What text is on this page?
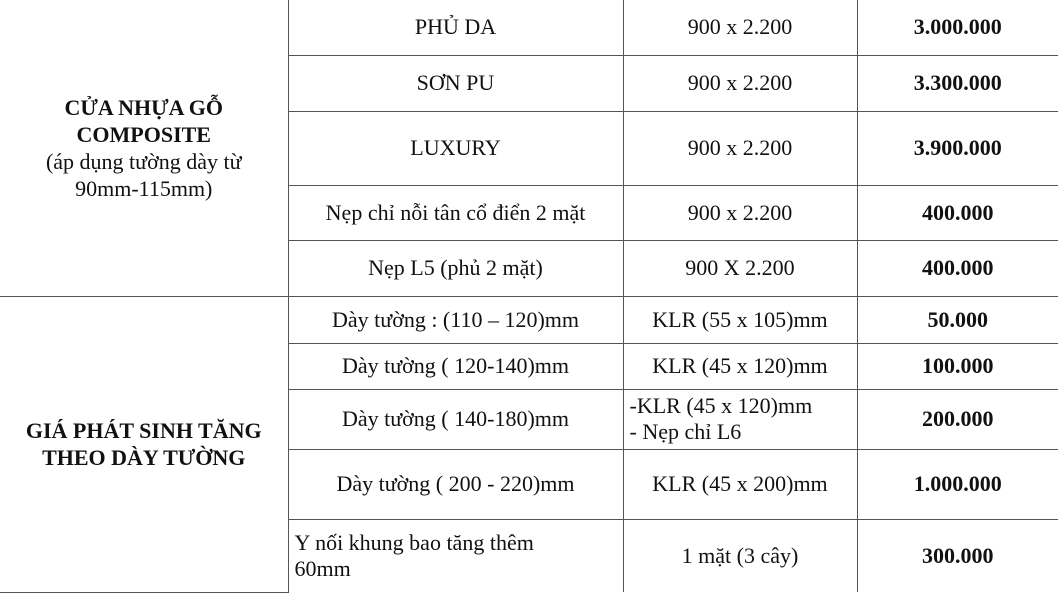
CỬA NHỰA GỖ
COMPOSITE
(áp dụng tường dày từ
90mm-115mm)	PHỦ DA	900 x 2.200	3.000.000
	SƠN PU	900 x 2.200	3.300.000
	LUXURY	900 x 2.200	3.900.000
	Nẹp chỉ nỗi tân cổ điển 2 mặt	900 x 2.200	400.000
	Nẹp L5 (phủ 2 mặt)	900 X 2.200	400.000

GIÁ PHÁT SINH TĂNG
THEO DÀY TƯỜNG	Dày tường : (110 – 120)mm	KLR (55 x 105)mm	50.000
	Dày tường ( 120-140)mm	KLR (45 x 120)mm	100.000
	Dày tường ( 140-180)mm	-KLR (45 x 120)mm
- Nẹp chỉ L6	200.000
	Dày tường ( 200 - 220)mm	KLR (45 x 200)mm	1.000.000

	Y nối khung bao tăng thêm
60mm	1 mặt (3 cây)	300.000
